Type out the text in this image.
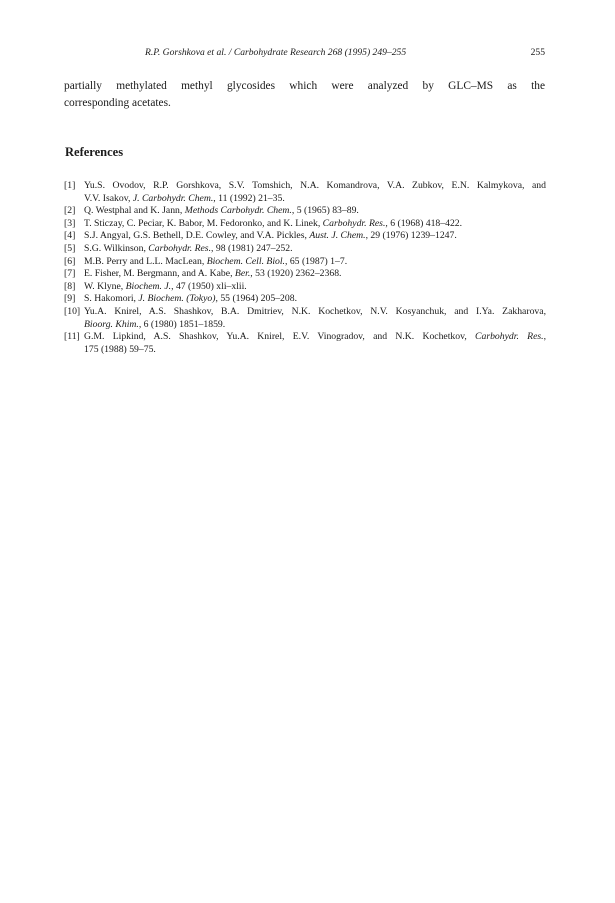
R.P. Gorshkova et al. / Carbohydrate Research 268 (1995) 249–255	255

partially methylated methyl glycosides which were analyzed by GLC–MS as the
corresponding acetates.

References
[1] Yu.S. Ovodov, R.P. Gorshkova, S.V. Tomshich, N.A. Komandrova, V.A. Zubkov, E.N. Kalmykova, and
V.V. Isakov, J. Carbohydr. Chem., 11 (1992) 21–35.
[2] Q. Westphal and K. Jann, Methods Carbohydr. Chem., 5 (1965) 83–89.
[3] T. Sticzay, C. Peciar, K. Babor, M. Fedoronko, and K. Linek, Carbohydr. Res., 6 (1968) 418–422.
[4] S.J. Angyal, G.S. Bethell, D.E. Cowley, and V.A. Pickles, Aust. J. Chem., 29 (1976) 1239–1247.
[5] S.G. Wilkinson, Carbohydr. Res., 98 (1981) 247–252.
[6] M.B. Perry and L.L. MacLean, Biochem. Cell. Biol., 65 (1987) 1–7.
[7] E. Fisher, M. Bergmann, and A. Kabe, Ber., 53 (1920) 2362–2368.
[8] W. Klyne, Biochem. J., 47 (1950) xli–xlii.
[9] S. Hakomori, J. Biochem. (Tokyo), 55 (1964) 205–208.
[10] Yu.A. Knirel, A.S. Shashkov, B.A. Dmitriev, N.K. Kochetkov, N.V. Kosyanchuk, and I.Ya. Zakharova,
Bioorg. Khim., 6 (1980) 1851–1859.
[11] G.M. Lipkind, A.S. Shashkov, Yu.A. Knirel, E.V. Vinogradov, and N.K. Kochetkov, Carbohydr. Res.,
175 (1988) 59–75.
